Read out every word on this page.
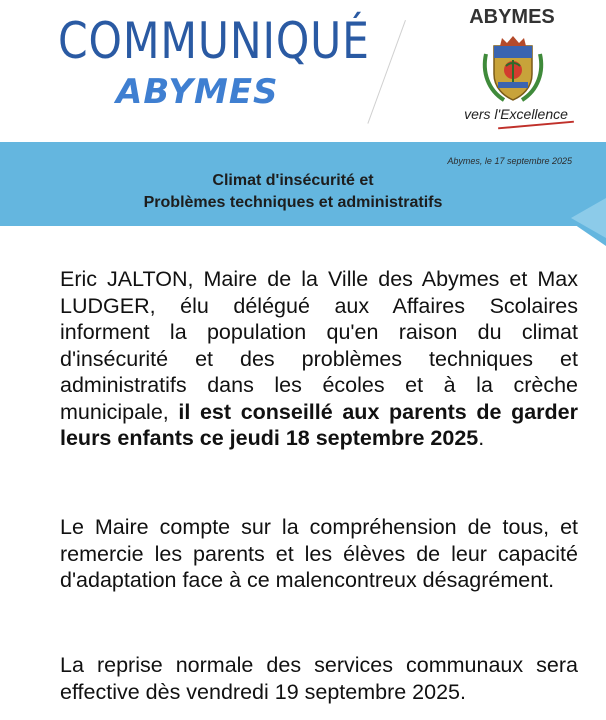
COMMUNIQUÉ
ABYMES
ABYMES
vers l'Excellence
Abymes, le 17 septembre 2025
Climat d'insécurité et
Problèmes techniques et administratifs

Eric JALTON, Maire de la Ville des Abymes et Max LUDGER, élu délégué aux Affaires Scolaires informent la population qu'en raison du climat d'insécurité et des problèmes techniques et administratifs dans les écoles et à la crèche municipale, il est conseillé aux parents de garder leurs enfants ce jeudi 18 septembre 2025.

Le Maire compte sur la compréhension de tous, et remercie les parents et les élèves de leur capacité d'adaptation face à ce malencontreux désagrément.

La reprise normale des services communaux sera effective dès vendredi 19 septembre 2025.
